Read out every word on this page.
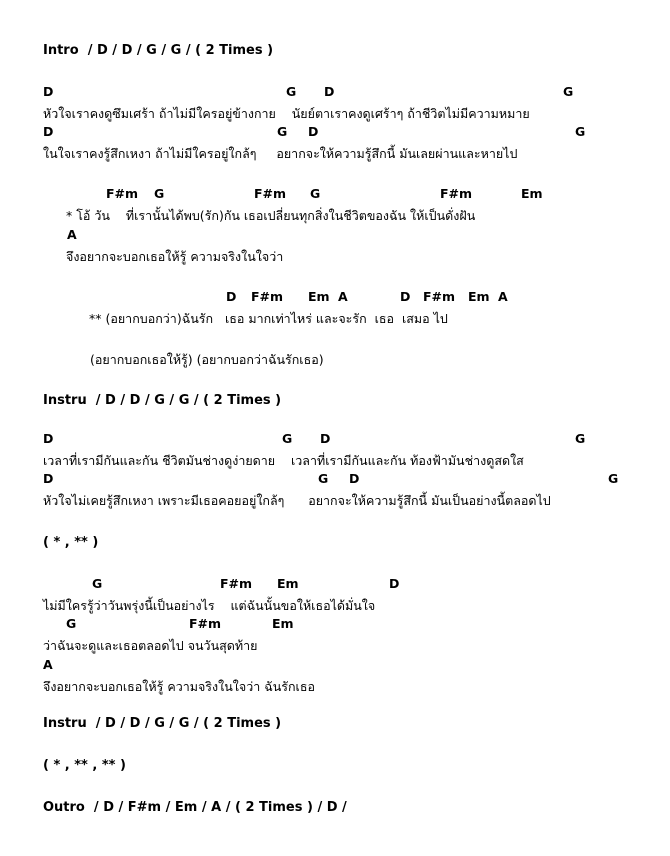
Intro  / D / D / G / G / ( 2 Times )
D	G D	G
หัวใจเราคงดูซึมเศร้า ถ้าไม่มีใครอยู่ข้างกาย    นัยย์ตาเราคงดูเศร้าๆ ถ้าชีวิตไม่มีความหมาย
D	G D	G
ในใจเราคงรู้สึกเหงา ถ้าไม่มีใครอยู่ใกล้ๆ     อยากจะให้ความรู้สึกนี้ มันเลยผ่านและหายไป
F#m G	F#m G	F#m	Em
* โอ้ วัน    ที่เรานั้นได้พบ(รัก)กัน เธอเปลี่ยนทุกสิ่งในชีวิตของฉัน ให้เป็นดั่งฝัน
A
จึงอยากจะบอกเธอให้รู้ ความจริงในใจว่า
D F#m Em A	D F#m Em A
** (อยากบอกว่า)ฉันรัก   เธอ มากเท่าไหร่ และจะรัก  เธอ  เสมอ ไป
(อยากบอกเธอให้รู้) (อยากบอกว่าฉันรักเธอ)
Instru  / D / D / G / G / ( 2 Times )
D	G D	G
เวลาที่เรามีกันและกัน ชีวิตมันช่างดูง่ายดาย    เวลาที่เรามีกันและกัน ท้องฟ้ามันช่างดูสดใส
D	G D	G
หัวใจไม่เคยรู้สึกเหงา เพราะมีเธอคอยอยู่ใกล้ๆ      อยากจะให้ความรู้สึกนี้ มันเป็นอย่างนี้ตลอดไป
( * , ** )
G	F#m Em	D
ไม่มีใครรู้ว่าวันพรุ่งนี้เป็นอย่างไร    แต่ฉันนั้นขอให้เธอได้มั่นใจ
G	F#m	Em
ว่าฉันจะดูและเธอตลอดไป จนวันสุดท้าย
A
จึงอยากจะบอกเธอให้รู้ ความจริงในใจว่า ฉันรักเธอ
Instru  / D / D / G / G / ( 2 Times )
( * , ** , ** )
Outro  / D / F#m / Em / A / ( 2 Times ) / D /
